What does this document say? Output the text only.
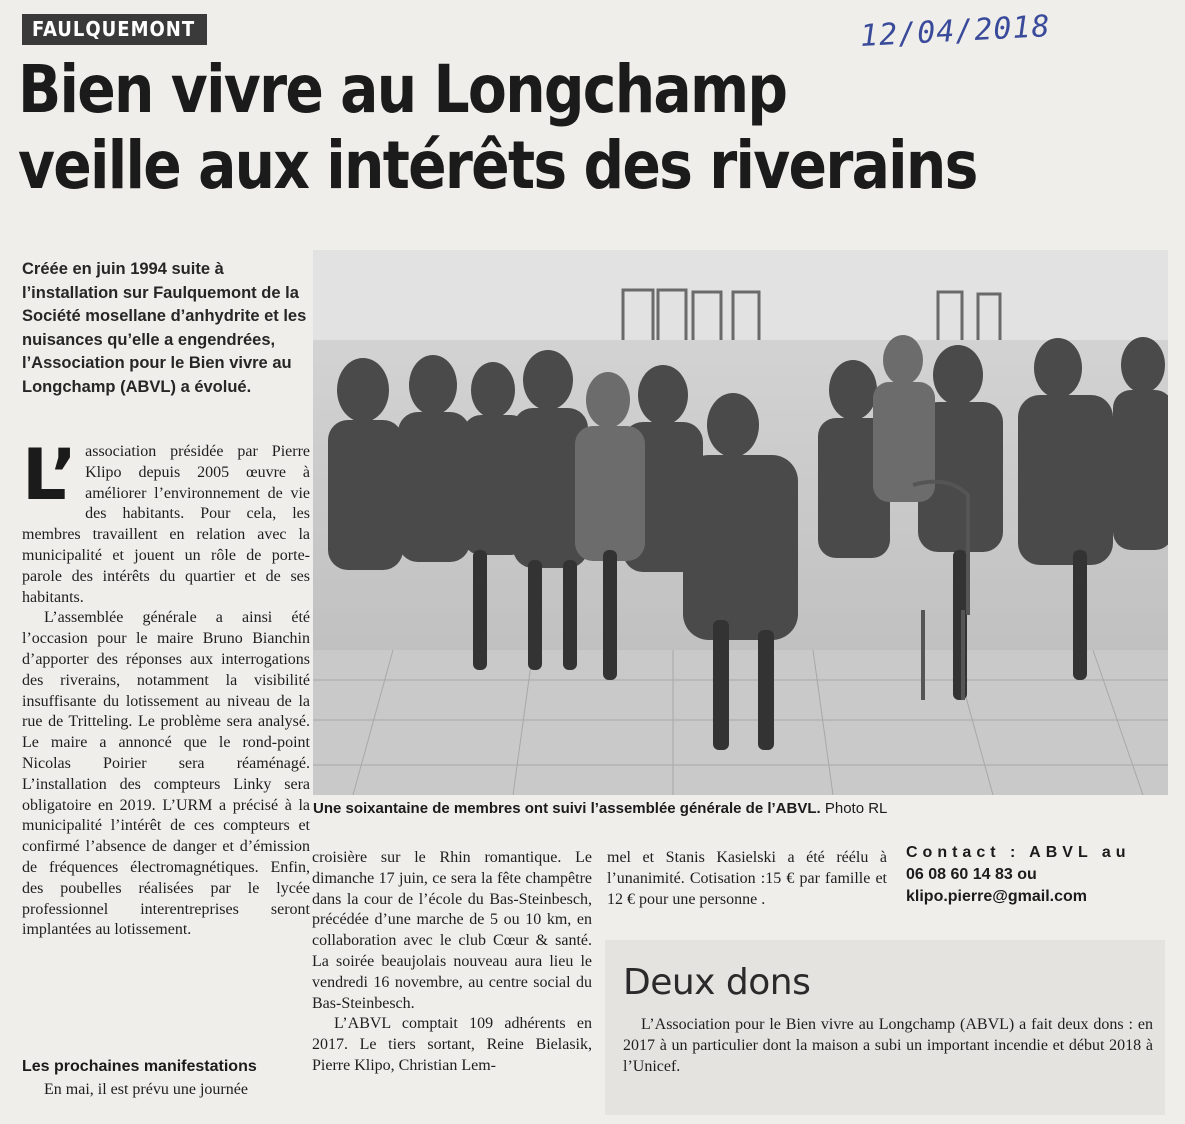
FAULQUEMONT	12/04/2018
Bien vivre au Longchamp
veille aux intérêts des riverains
Créée en juin 1994 suite à l’installation sur Faulquemont de la Société mosellane d’anhydrite et les nuisances qu’elle a engendrées, l’Association pour le Bien vivre au Longchamp (ABVL) a évolué.

L’ association présidée par Pierre Klipo depuis 2005 œuvre à améliorer l’environnement de vie des habitants. Pour cela, les membres travaillent en relation avec la municipalité et jouent un rôle de porte-parole des intérêts du quartier et de ses habitants.

L’assemblée générale a ainsi été l’occasion pour le maire Bruno Bianchin d’apporter des réponses aux interrogations des riverains, notamment la visibilité insuffisante du lotissement au niveau de la rue de Tritteling. Le problème sera analysé. Le maire a annoncé que le rond-point Nicolas Poirier sera réaménagé. L’installation des compteurs Linky sera obligatoire en 2019. L’URM a précisé à la municipalité l’intérêt de ces compteurs et confirmé l’absence de danger et d’émission de fréquences électromagnétiques. Enfin, des poubelles réalisées par le lycée professionnel interentreprises seront implantées au lotissement.

Les prochaines manifestations

En mai, il est prévu une journée

Une soixantaine de membres ont suivi l’assemblée générale de l’ABVL. Photo RL

croisière sur le Rhin romantique. Le dimanche 17 juin, ce sera la fête champêtre dans la cour de l’école du Bas-Steinbesch, précédée d’une marche de 5 ou 10 km, en collaboration avec le club Cœur & santé. La soirée beaujolais nouveau aura lieu le vendredi 16 novembre, au centre social du Bas-Steinbesch.

L’ABVL comptait 109 adhérents en 2017. Le tiers sortant, Reine Bielasik, Pierre Klipo, Christian Lem-

mel et Stanis Kasielski a été réélu à l’unanimité. Cotisation :15 € par famille et 12 € pour une personne .

Contact : ABVL au
06 08 60 14 83 ou klipo.pierre@gmail.com
Deux dons
L’Association pour le Bien vivre au Longchamp (ABVL) a fait deux dons : en 2017 à un particulier dont la maison a subi un important incendie et début 2018 à l’Unicef.
